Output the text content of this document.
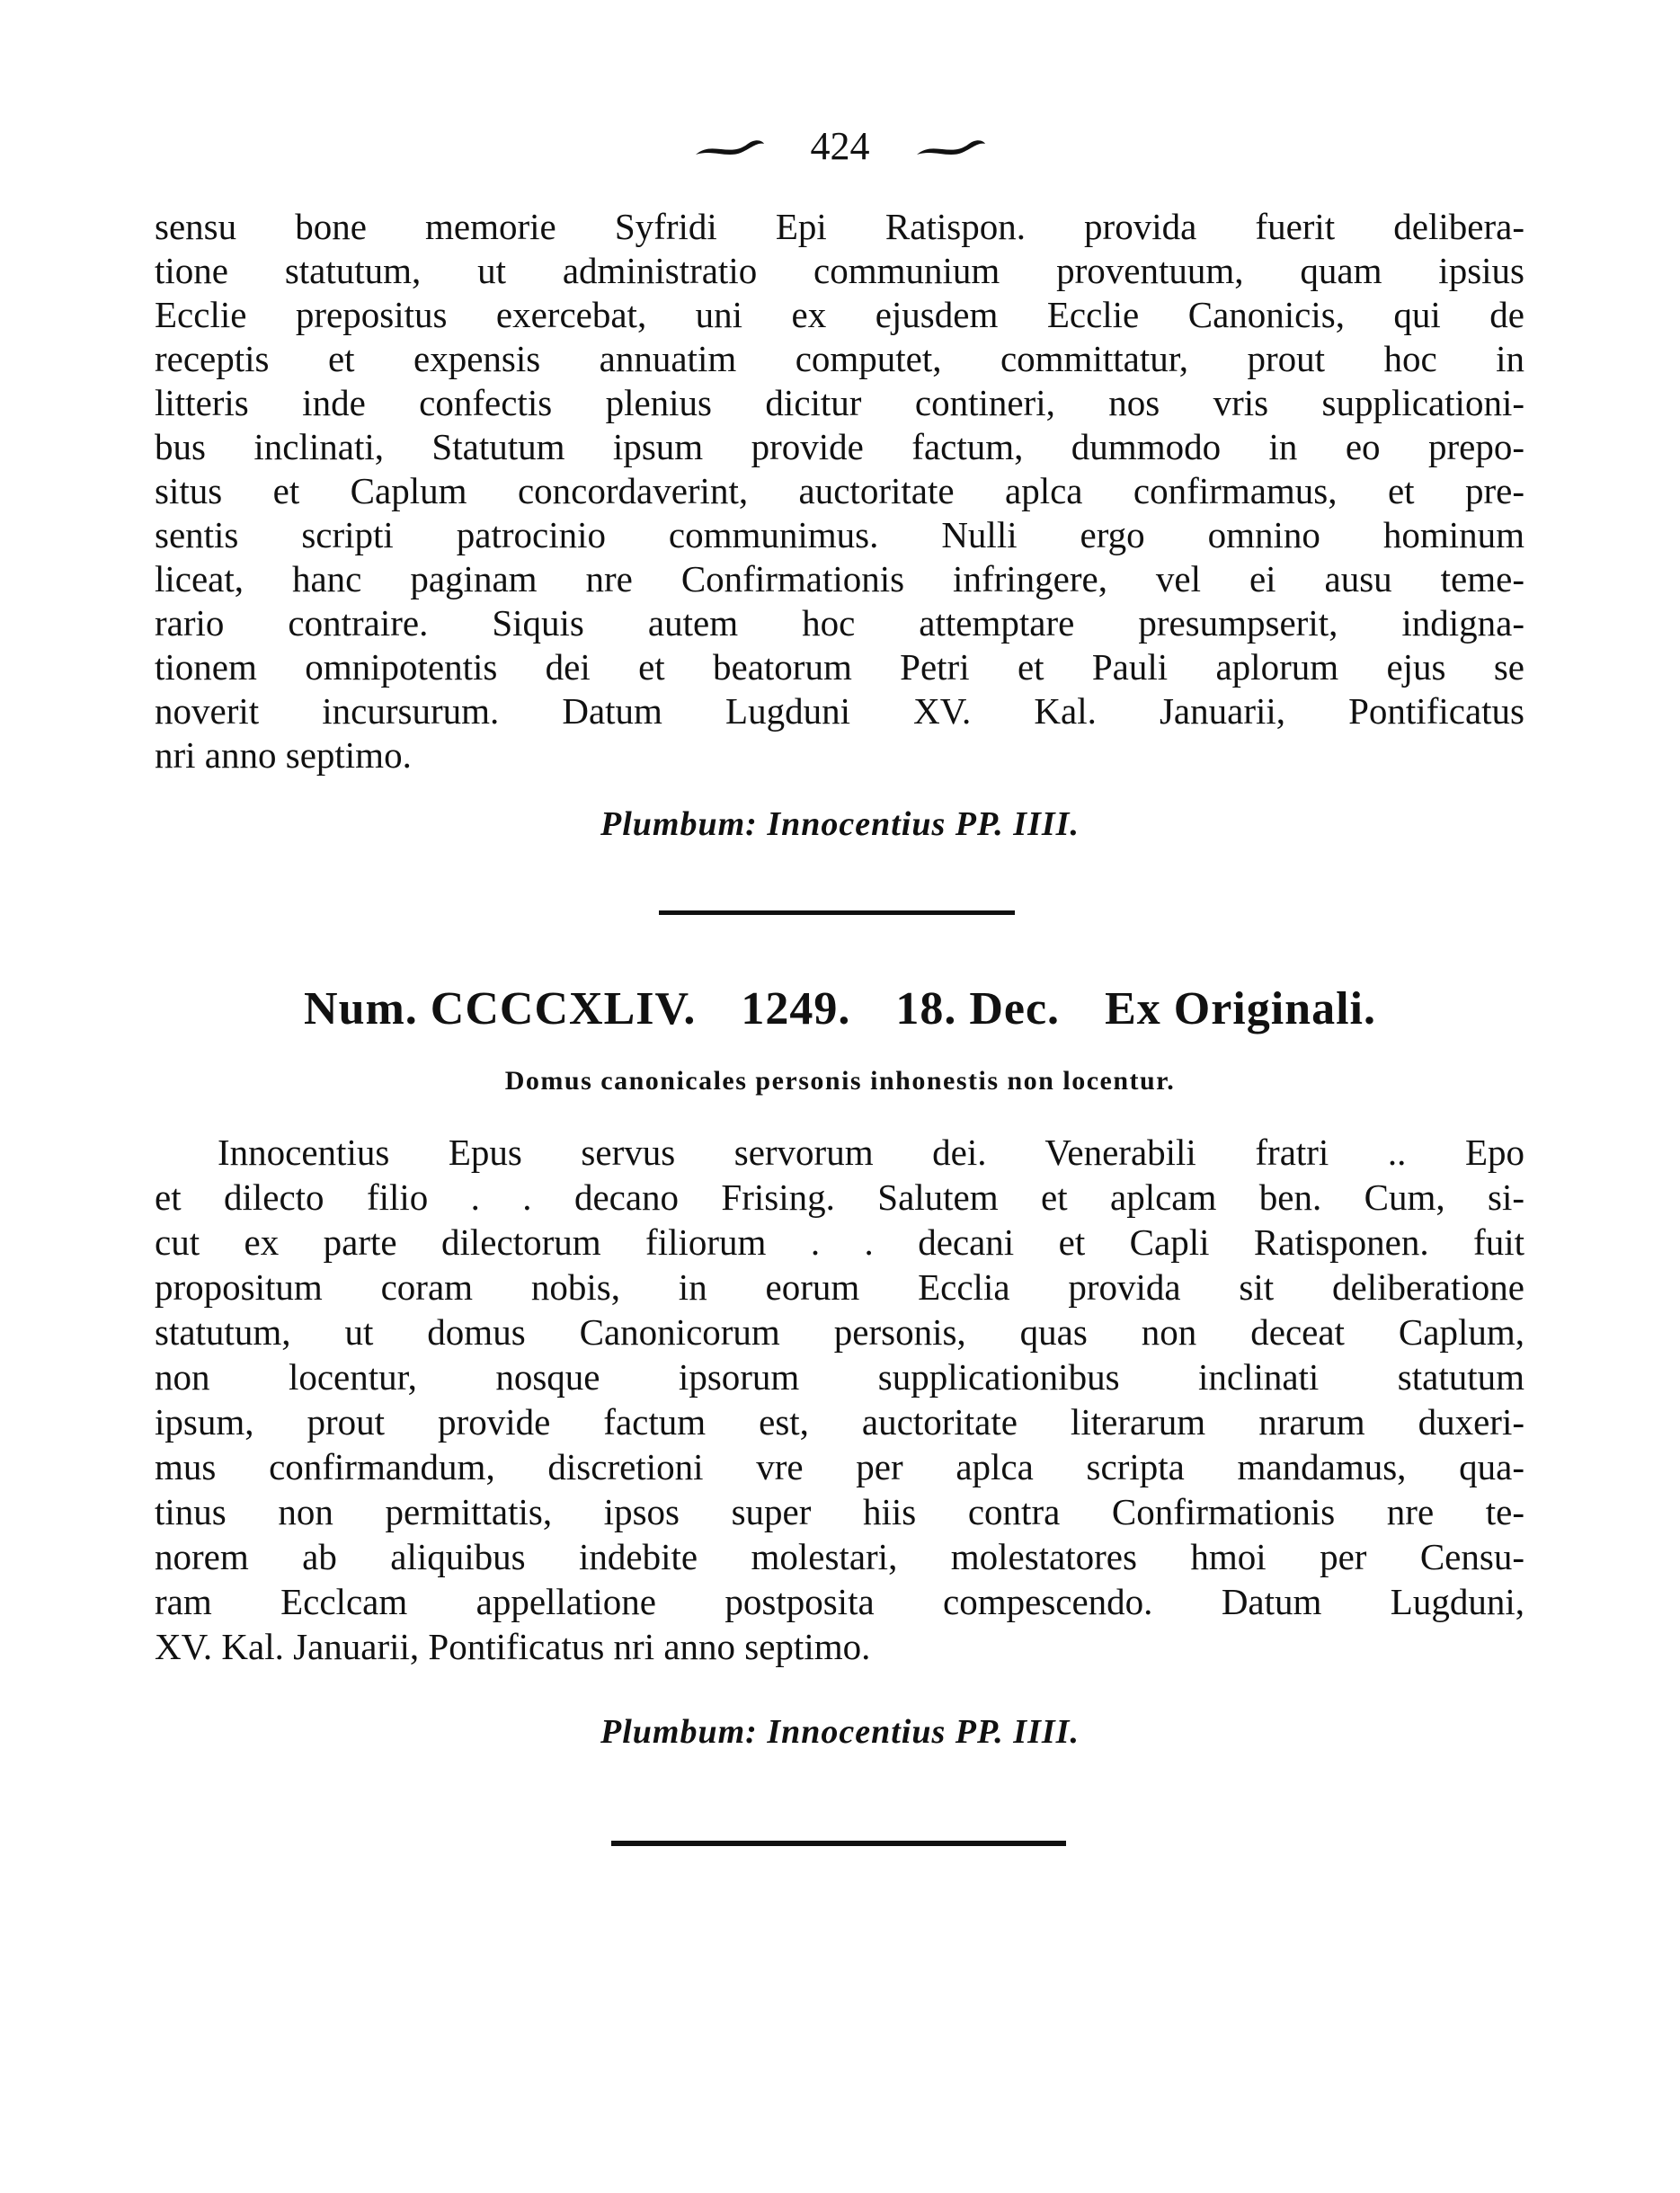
424
sensu bone memorie Syfridi Epi Ratispon. provida fuerit delibera-
tione statutum, ut administratio communium proventuum, quam ipsius
Ecclie prepositus exercebat, uni ex ejusdem Ecclie Canonicis, qui de
receptis et expensis annuatim computet, committatur, prout hoc in
litteris inde confectis plenius dicitur contineri, nos vris supplicationi-
bus inclinati, Statutum ipsum provide factum, dummodo in eo prepo-
situs et Caplum concordaverint, auctoritate aplca confirmamus, et pre-
sentis scripti patrocinio communimus. Nulli ergo omnino hominum
liceat, hanc paginam nre Confirmationis infringere, vel ei ausu teme-
rario contraire. Siquis autem hoc attemptare presumpserit, indigna-
tionem omnipotentis dei et beatorum Petri et Pauli aplorum ejus se
noverit incursurum. Datum Lugduni XV. Kal. Januarii, Pontificatus
nri anno septimo.
Plumbum: Innocentius PP. IIII.
Num. CCCCXLIV. 1249. 18. Dec. Ex Originali.
Domus canonicales personis inhonestis non locentur.
Innocentius Epus servus servorum dei. Venerabili fratri .. Epo
et dilecto filio . . decano Frising. Salutem et aplcam ben. Cum, si-
cut ex parte dilectorum filiorum . . decani et Capli Ratisponen. fuit
propositum coram nobis, in eorum Ecclia provida sit deliberatione
statutum, ut domus Canonicorum personis, quas non deceat Caplum,
non locentur, nosque ipsorum supplicationibus inclinati statutum
ipsum, prout provide factum est, auctoritate literarum nrarum duxeri-
mus confirmandum, discretioni vre per aplca scripta mandamus, qua-
tinus non permittatis, ipsos super hiis contra Confirmationis nre te-
norem ab aliquibus indebite molestari, molestatores hmoi per Censu-
ram Ecclcam appellatione postposita compescendo. Datum Lugduni,
XV. Kal. Januarii, Pontificatus nri anno septimo.
Plumbum: Innocentius PP. IIII.
